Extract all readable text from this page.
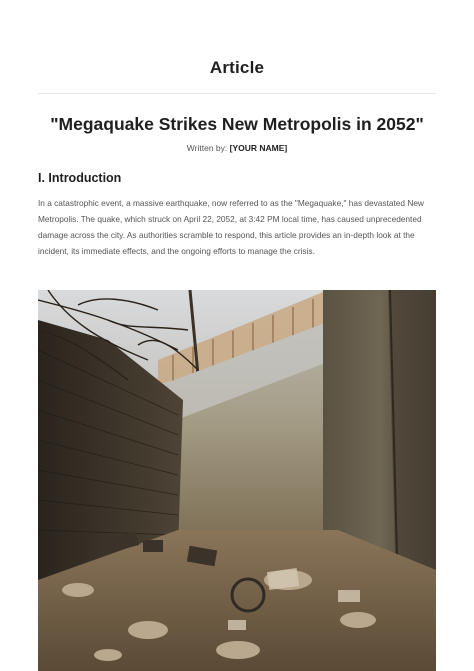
Article
"Megaquake Strikes New Metropolis in 2052"
Written by: [YOUR NAME]
I. Introduction
In a catastrophic event, a massive earthquake, now referred to as the "Megaquake," has devastated New Metropolis. The quake, which struck on April 22, 2052, at 3:42 PM local time, has caused unprecedented damage across the city. As authorities scramble to respond, this article provides an in-depth look at the incident, its immediate effects, and the ongoing efforts to manage the crisis.
